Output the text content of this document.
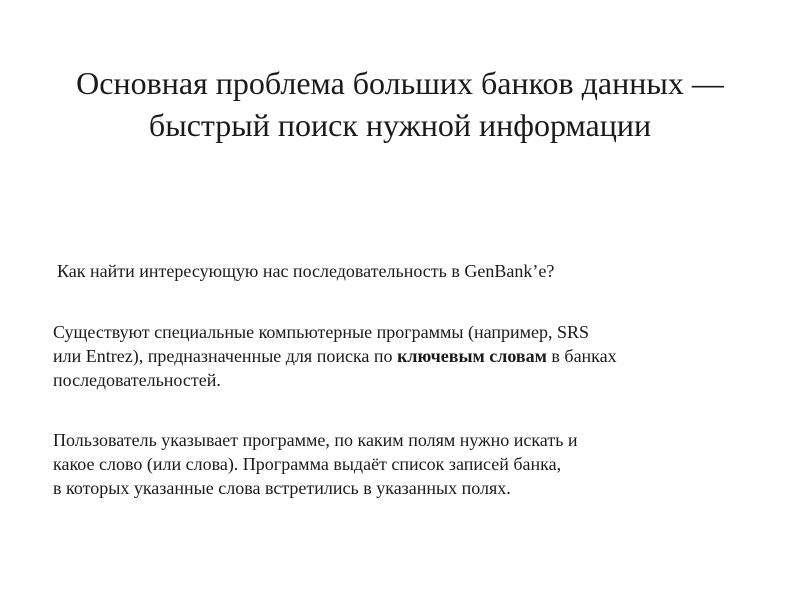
Основная проблема больших банков данных —
быстрый поиск нужной информации

Как найти интересующую нас последовательность в GenBank’е?

Существуют специальные компьютерные программы (например, SRS
или Entrez), предназначенные для поиска по ключевым словам в банках
последовательностей.

Пользователь указывает программе, по каким полям нужно искать и
какое слово (или слова). Программа выдаёт список записей банка,
в которых указанные слова встретились в указанных полях.
